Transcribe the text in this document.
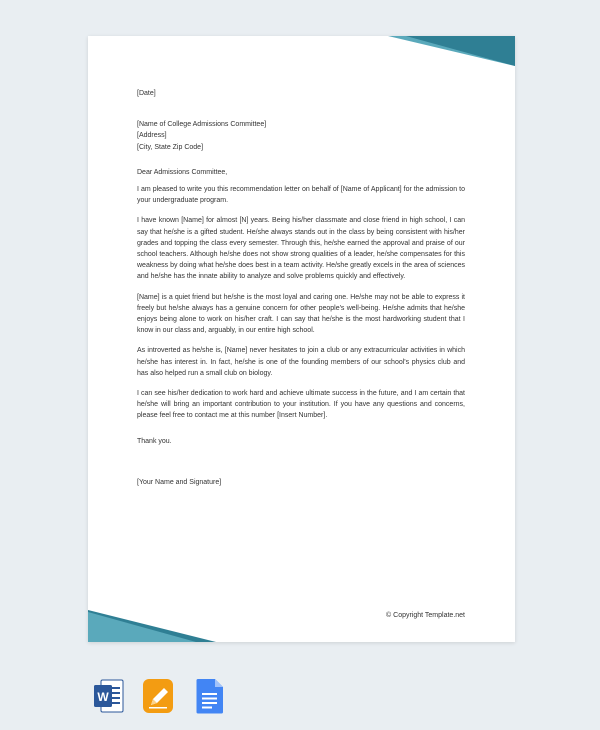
[Date]
[Name of College Admissions Committee]
[Address]
[City, State Zip Code]
Dear Admissions Committee,

I am pleased to write you this recommendation letter on behalf of [Name of Applicant] for the admission to your undergraduate program.

I have known [Name] for almost [N] years. Being his/her classmate and close friend in high school, I can say that he/she is a gifted student. He/she always stands out in the class by being consistent with his/her grades and topping the class every semester. Through this, he/she earned the approval and praise of our school teachers. Although he/she does not show strong qualities of a leader, he/she compensates for this weakness by doing what he/she does best in a team activity. He/she greatly excels in the area of sciences and he/she has the innate ability to analyze and solve problems quickly and effectively.

[Name] is a quiet friend but he/she is the most loyal and caring one. He/she may not be able to express it freely but he/she always has a genuine concern for other people's well-being. He/she admits that he/she enjoys being alone to work on his/her craft. I can say that he/she is the most hardworking student that I know in our class and, arguably, in our entire high school.

As introverted as he/she is, [Name] never hesitates to join a club or any extracurricular activities in which he/she has interest in. In fact, he/she is one of the founding members of our school's physics club and has also helped run a small club on biology.

I can see his/her dedication to work hard and achieve ultimate success in the future, and I am certain that he/she will bring an important contribution to your institution. If you have any questions and concerns, please feel free to contact me at this number [Insert Number].

Thank you.
[Your Name and Signature]
© Copyright Template.net
W
